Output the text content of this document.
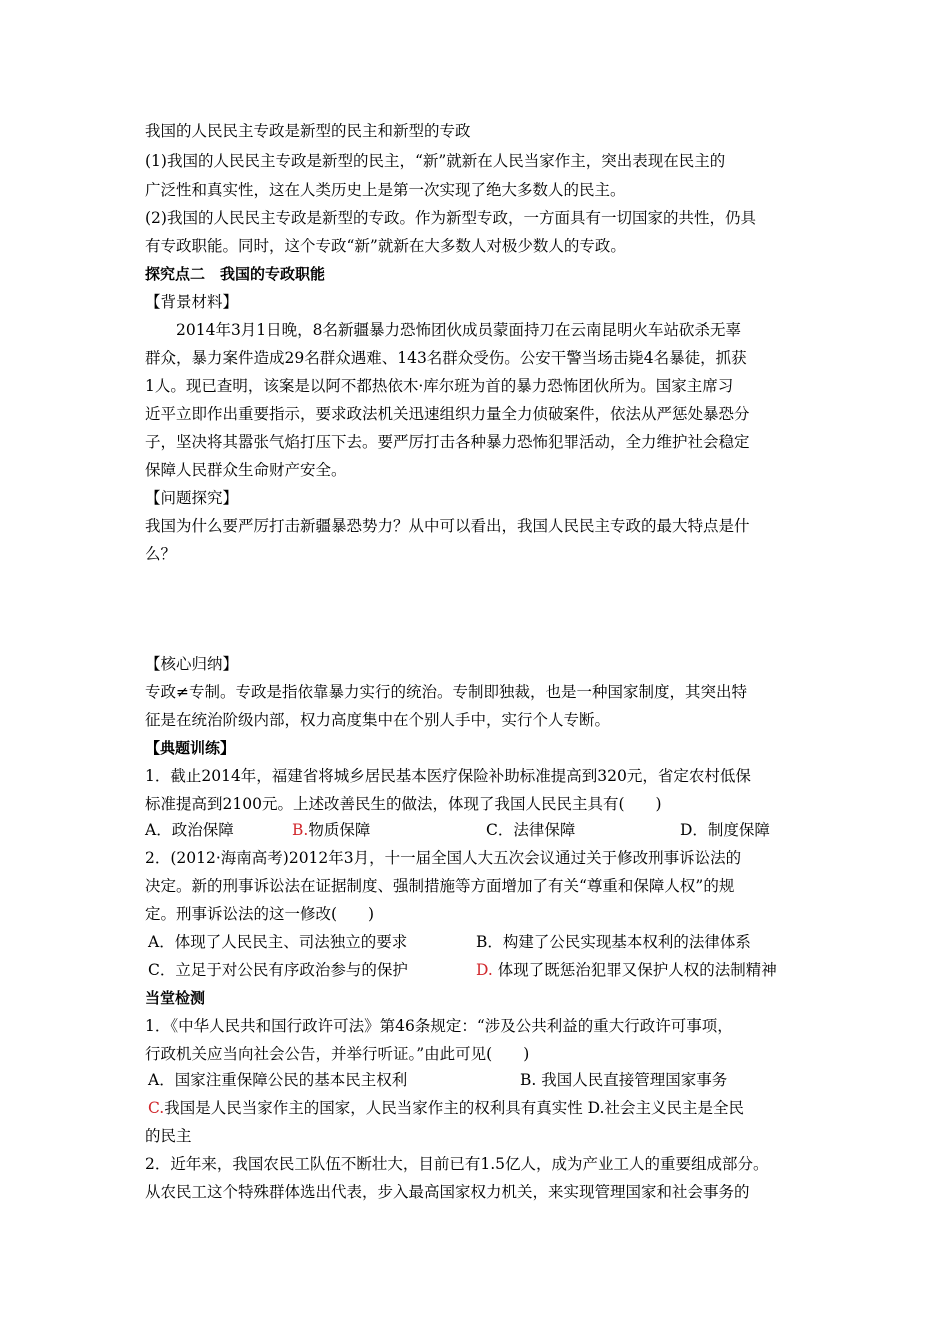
我国的人民民主专政是新型的民主和新型的专政
(1)我国的人民民主专政是新型的民主，“新”就新在人民当家作主，突出表现在民主的
广泛性和真实性，这在人类历史上是第一次实现了绝大多数人的民主。
(2)我国的人民民主专政是新型的专政。作为新型专政，一方面具有一切国家的共性，仍具
有专政职能。同时，这个专政“新”就新在大多数人对极少数人的专政。
探究点二　我国的专政职能
【背景材料】
　　2014年3月1日晚，8名新疆暴力恐怖团伙成员蒙面持刀在云南昆明火车站砍杀无辜
群众，暴力案件造成29名群众遇难、143名群众受伤。公安干警当场击毙4名暴徒，抓获
1人。现已查明，该案是以阿不都热依木·库尔班为首的暴力恐怖团伙所为。国家主席习
近平立即作出重要指示，要求政法机关迅速组织力量全力侦破案件，依法从严惩处暴恐分
子，坚决将其嚣张气焰打压下去。要严厉打击各种暴力恐怖犯罪活动，全力维护社会稳定
保障人民群众生命财产安全。
【问题探究】
我国为什么要严厉打击新疆暴恐势力？从中可以看出，我国人民民主专政的最大特点是什
么？
【核心归纳】
专政≠专制。专政是指依靠暴力实行的统治。专制即独裁，也是一种国家制度，其突出特
征是在统治阶级内部，权力高度集中在个别人手中，实行个人专断。
【典题训练】
1．截止2014年，福建省将城乡居民基本医疗保险补助标准提高到320元，省定农村低保
标准提高到2100元。上述改善民生的做法，体现了我国人民民主具有(　　)
A．政治保障	B.物质保障	C．法律保障	D．制度保障
2．(2012·海南高考)2012年3月，十一届全国人大五次会议通过关于修改刑事诉讼法的
决定。新的刑事诉讼法在证据制度、强制措施等方面增加了有关“尊重和保障人权”的规
定。刑事诉讼法的这一修改(　　)
A．体现了人民民主、司法独立的要求	B．构建了公民实现基本权利的法律体系
C．立足于对公民有序政治参与的保护	D. 体现了既惩治犯罪又保护人权的法制精神
当堂检测
1．《中华人民共和国行政许可法》第46条规定：“涉及公共利益的重大行政许可事项，
行政机关应当向社会公告，并举行听证。”由此可见(　　)
A．国家注重保障公民的基本民主权利	B. 我国人民直接管理国家事务
C.我国是人民当家作主的国家，人民当家作主的权利具有真实性 D.社会主义民主是全民
的民主
2．近年来，我国农民工队伍不断壮大，目前已有1.5亿人，成为产业工人的重要组成部分。
从农民工这个特殊群体选出代表，步入最高国家权力机关，来实现管理国家和社会事务的
